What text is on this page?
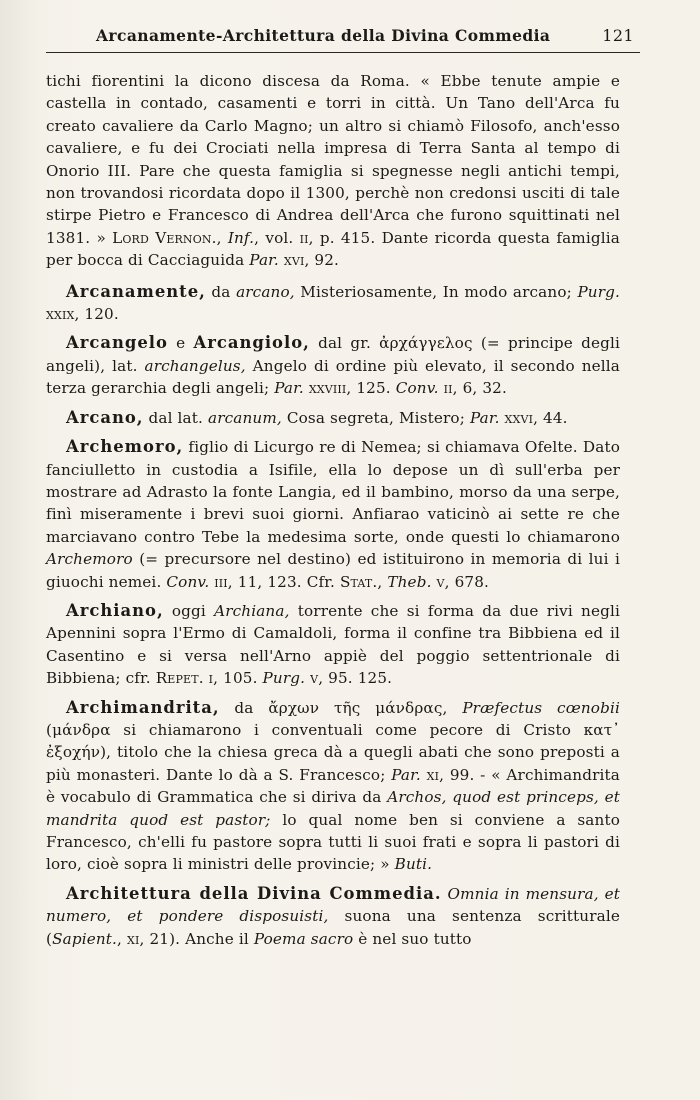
Arcanamente-Architettura della Divina Commedia	121

tichi fiorentini la dicono discesa da Roma. « Ebbe tenute ampie e castella in contado, casamenti e torri in città. Un Tano dell'Arca fu creato cavaliere da Carlo Magno; un altro si chiamò Filosofo, anch'esso cavaliere, e fu dei Crociati nella impresa di Terra Santa al tempo di Onorio III. Pare che questa famiglia si spegnesse negli antichi tempi, non trovandosi ricordata dopo il 1300, perchè non credonsi usciti di tale stirpe Pietro e Francesco di Andrea dell'Arca che furono squittinati nel 1381. » Lord Vernon., Inf., vol. ii, p. 415. Dante ricorda questa famiglia per bocca di Cacciaguida Par. xvi, 92.

Arcanamente, da arcano, Misteriosamente, In modo arcano; Purg. xxix, 120.

Arcangelo e Arcangiolo, dal gr. ἀρχάγγελος (= principe degli angeli), lat. archangelus, Angelo di ordine più elevato, il secondo nella terza gerarchia degli angeli; Par. xxviii, 125. Conv. ii, 6, 32.

Arcano, dal lat. arcanum, Cosa segreta, Mistero; Par. xxvi, 44.

Archemoro, figlio di Licurgo re di Nemea; si chiamava Ofelte. Dato fanciulletto in custodia a Isifile, ella lo depose un dì sull'erba per mostrare ad Adrasto la fonte Langia, ed il bambino, morso da una serpe, finì miseramente i brevi suoi giorni. Anfiarao vaticinò ai sette re che marciavano contro Tebe la medesima sorte, onde questi lo chiamarono Archemoro (= precursore nel destino) ed istituirono in memoria di lui i giuochi nemei. Conv. iii, 11, 123. Cfr. Stat., Theb. v, 678.

Archiano, oggi Archiana, torrente che si forma da due rivi negli Apennini sopra l'Ermo di Camaldoli, forma il confine tra Bibbiena ed il Casentino e si versa nell'Arno appiè del poggio settentrionale di Bibbiena; cfr. Repet. i, 105. Purg. v, 95. 125.

Archimandrita, da ἄρχων τῆς μάνδρας, Præfectus cœnobii (μάνδρα si chiamarono i conventuali come pecore di Cristo κατ᾽ ἐξοχήν), titolo che la chiesa greca dà a quegli abati che sono preposti a più monasteri. Dante lo dà a S. Francesco; Par. xi, 99. - « Archimandrita è vocabulo di Grammatica che si diriva da Archos, quod est princeps, et mandrita quod est pastor; lo qual nome ben si conviene a santo Francesco, ch'elli fu pastore sopra tutti li suoi frati e sopra li pastori di loro, cioè sopra li ministri delle provincie; » Buti.

Architettura della Divina Commedia. Omnia in mensura, et numero, et pondere disposuisti, suona una sentenza scritturale (Sapient., xi, 21). Anche il Poema sacro è nel suo tutto
